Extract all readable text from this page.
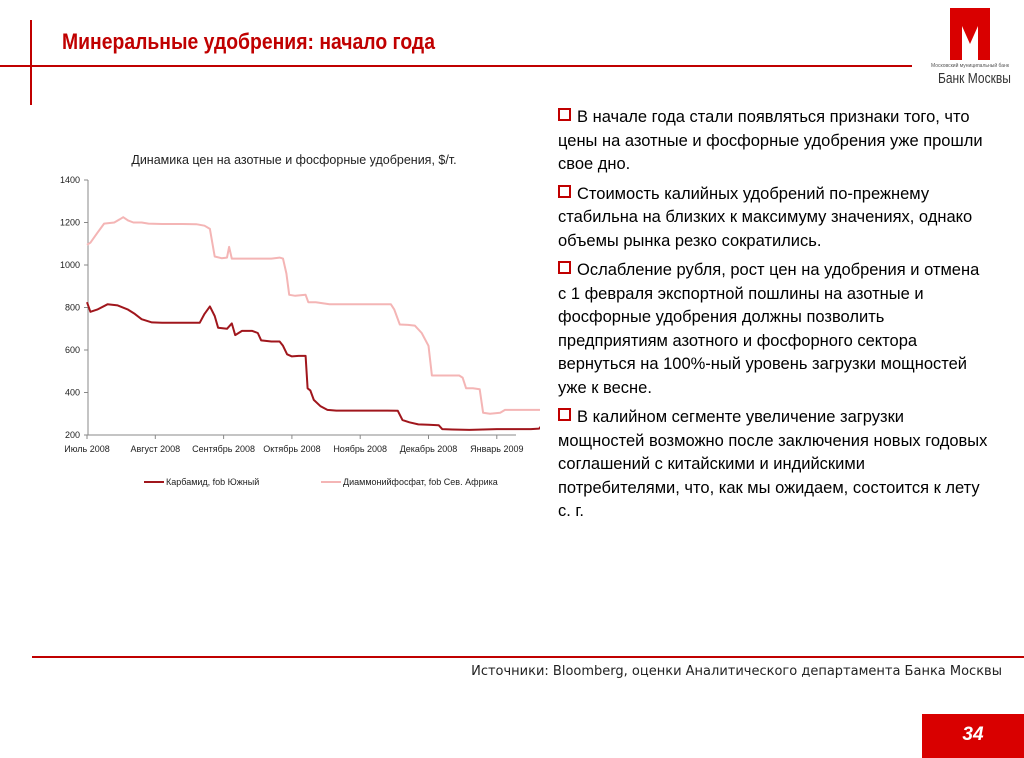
Минеральные удобрения: начало года
Московский муниципальный банк
Банк Москвы
Динамика цен на азотные и фосфорные удобрения, $/т.
200
400
600
800
1000
1200
1400
Июль 2008 Август 2008 Сентябрь 2008 Октябрь 2008 Ноябрь 2008 Декабрь 2008 Январь 2009
Карбамид, fob Южный	Диаммонийфосфат, fob Сев. Африка
В начале года стали появляться признаки того, что цены на азотные и фосфорные удобрения уже прошли свое дно.
Стоимость калийных удобрений по-прежнему стабильна на близких к максимуму значениях, однако объемы рынка резко сократились.
Ослабление рубля, рост цен на удобрения и отмена с 1 февраля экспортной пошлины на азотные и фосфорные удобрения должны позволить предприятиям азотного и фосфорного сектора вернуться на 100%-ный уровень загрузки мощностей уже к весне.
В калийном сегменте увеличение загрузки мощностей возможно после заключения новых годовых соглашений с китайскими и индийскими потребителями, что, как мы ожидаем, состоится к лету с. г.
Источники: Bloomberg, оценки Аналитического департамента Банка Москвы
34
